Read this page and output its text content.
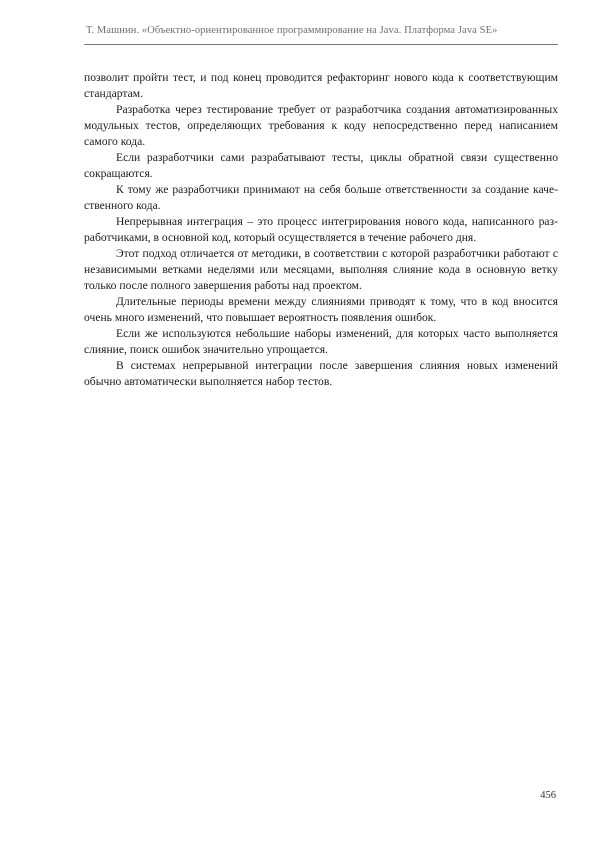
Т. Машнин. «Объектно-ориентированное программирование на Java. Платформа Java SE»

позволит пройти тест, и под конец проводится рефакторинг нового кода к соответствующим стандартам.

Разработка через тестирование требует от разработчика создания автоматизированных модульных тестов, определяющих требования к коду непосредственно перед написанием самого кода.

Если разработчики сами разрабатывают тесты, циклы обратной связи существенно сокращаются.

К тому же разработчики принимают на себя больше ответственности за создание качественного кода.

Непрерывная интеграция – это процесс интегрирования нового кода, написанного разработчиками, в основной код, который осуществляется в течение рабочего дня.

Этот подход отличается от методики, в соответствии с которой разработчики работают с независимыми ветками неделями или месяцами, выполняя слияние кода в основную ветку только после полного завершения работы над проектом.

Длительные периоды времени между слияниями приводят к тому, что в код вносится очень много изменений, что повышает вероятность появления ошибок.

Если же используются небольшие наборы изменений, для которых часто выполняется слияние, поиск ошибок значительно упрощается.

В системах непрерывной интеграции после завершения слияния новых изменений обычно автоматически выполняется набор тестов.

456
